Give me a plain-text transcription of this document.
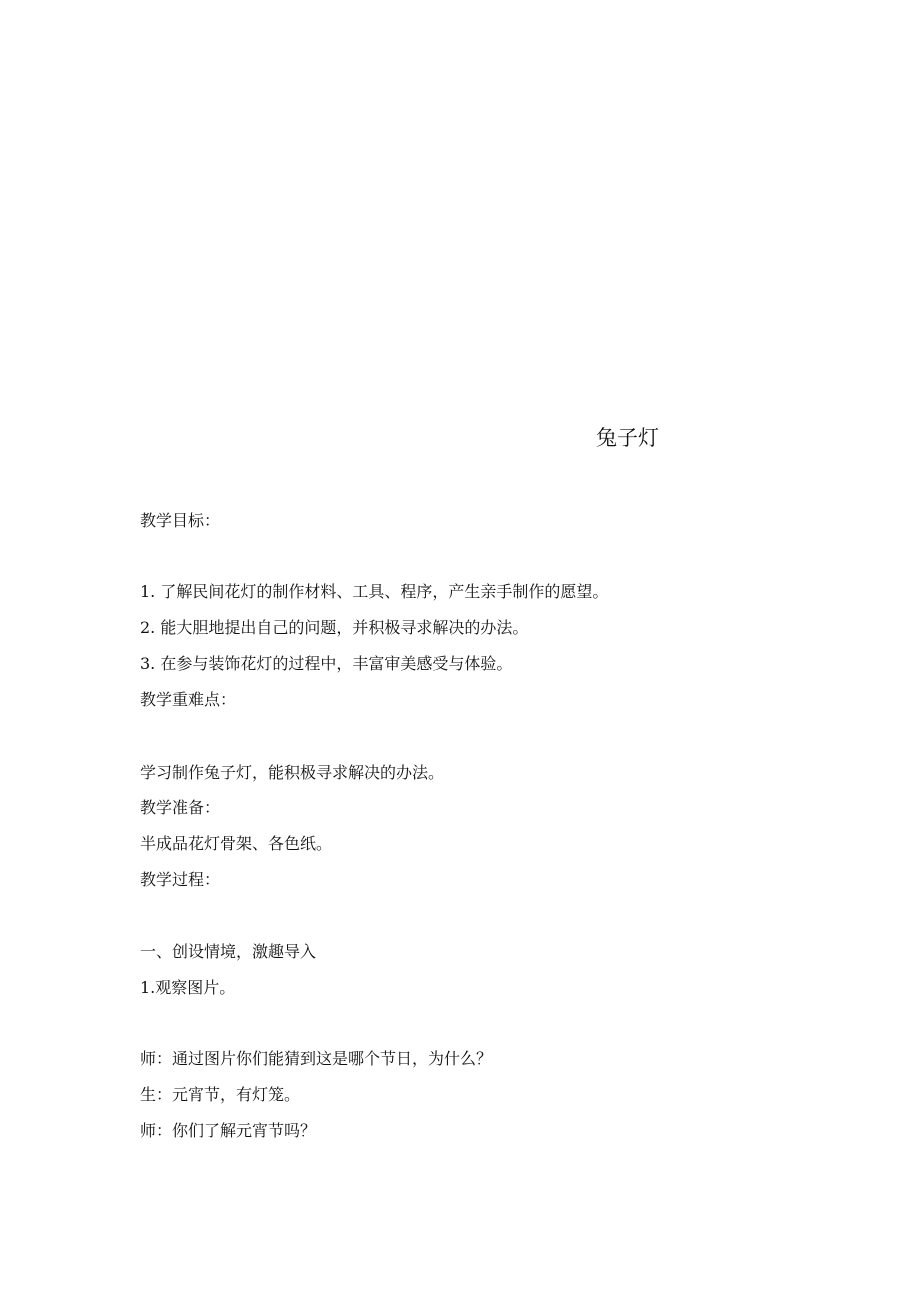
兔子灯
教学目标：
1. 了解民间花灯的制作材料、工具、程序，产生亲手制作的愿望。
2. 能大胆地提出自己的问题，并积极寻求解决的办法。
3. 在参与装饰花灯的过程中，丰富审美感受与体验。
教学重难点：
学习制作兔子灯，能积极寻求解决的办法。
教学准备：
半成品花灯骨架、各色纸。
教学过程：
一、创设情境，激趣导入
1.观察图片。
师：通过图片你们能猜到这是哪个节日，为什么？
生：元宵节，有灯笼。
师：你们了解元宵节吗？
